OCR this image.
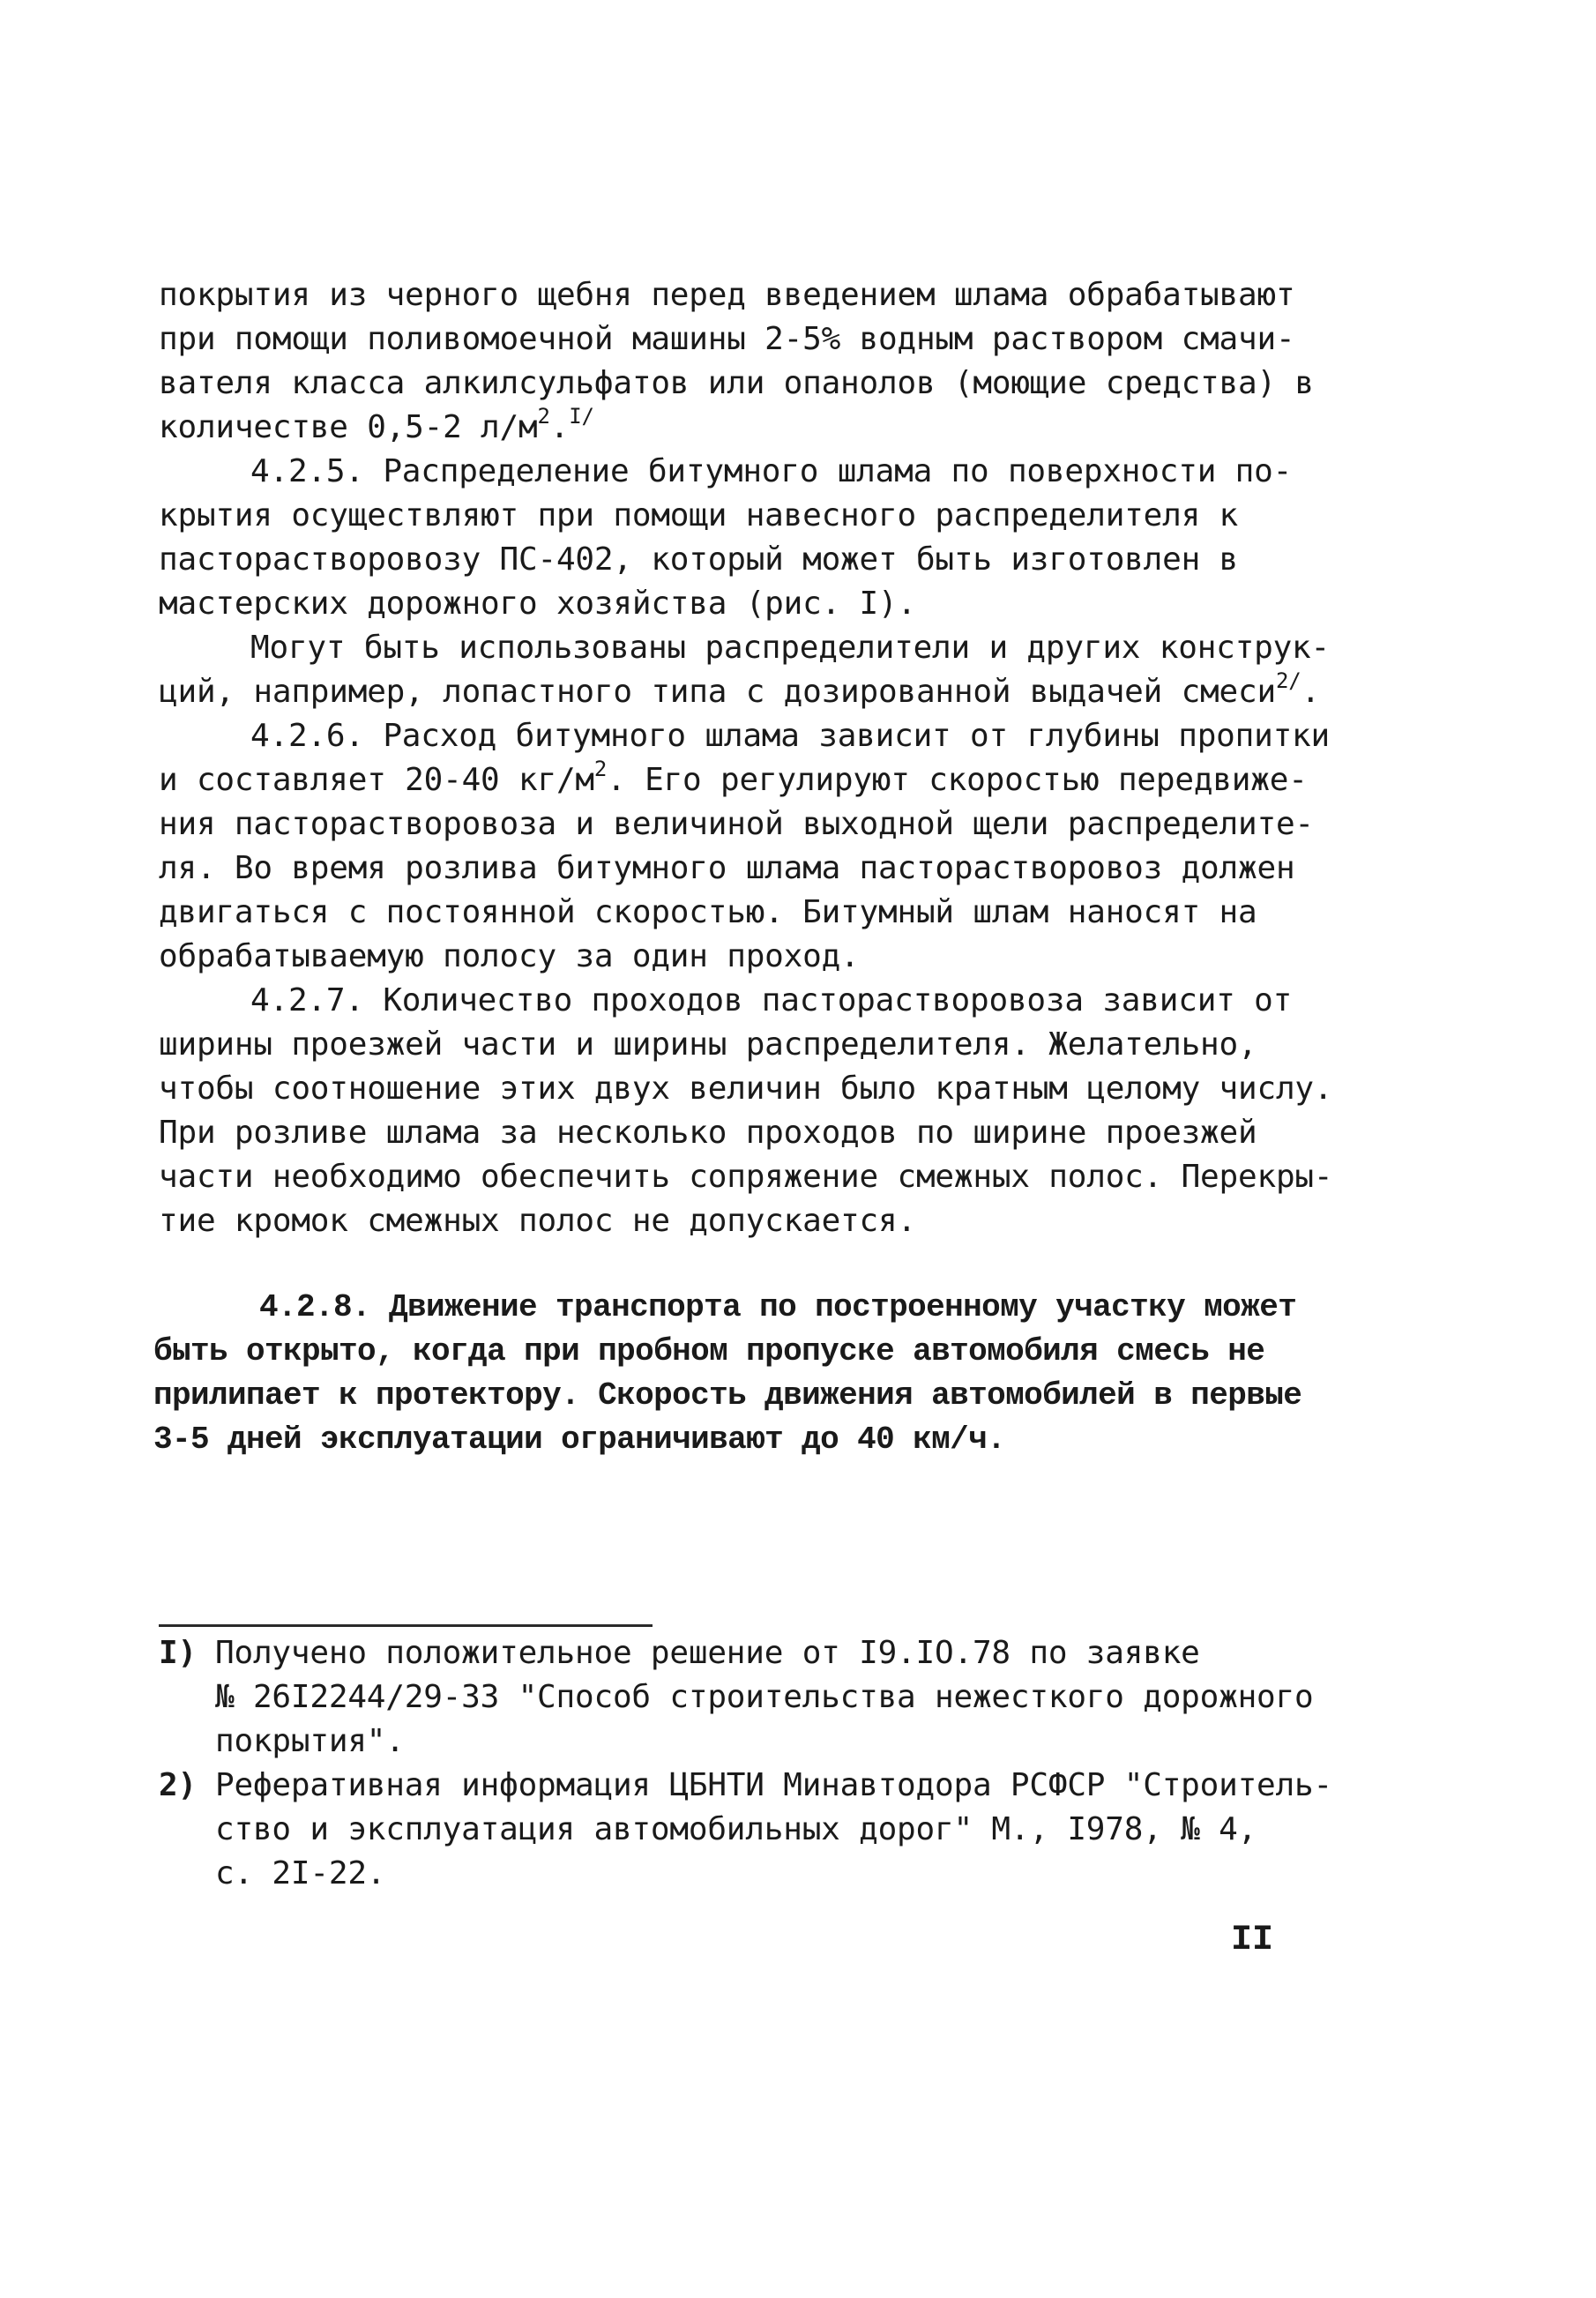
покрытия из черного щебня перед введением шлама обрабатывают
при помощи поливомоечной машины 2-5% водным раствором смачи-
вателя класса алкилсульфатов или опанолов (моющие средства) в
количестве 0,5-2 $л/м^2.^{I/}$
4.2.5. Распределение битумного шлама по поверхности по-
крытия осуществляют при помощи навесного распределителя к
пасторастворовозу ПС-402, который может быть изготовлен в
мастерских дорожного хозяйства (рис. I).
Могут быть использованы распределители и других конструк-
ций, например, лопастного типа с дозированной выдачей смеси$^{2/}$.
4.2.6. Расход битумного шлама зависит от глубины пропитки
и составляет 20-40 $кг/м^2$. Его регулируют скоростью передвиже-
ния пасторастворовоза и величиной выходной щели распределите-
ля. Во время розлива битумного шлама пасторастворовоз должен
двигаться с постоянной скоростью. Битумный шлам наносят на
обрабатываемую полосу за один проход.
4.2.7. Количество проходов пасторастворовоза зависит от
ширины проезжей части и ширины распределителя. Желательно,
чтобы соотношение этих двух величин было кратным целому числу.
При розливе шлама за несколько проходов по ширине проезжей
части необходимо обеспечить сопряжение смежных полос. Перекры-
тие кромок смежных полос не допускается.
4.2.8. Движение транспорта по построенному участку может
быть открыто, когда при пробном пропуске автомобиля смесь не
прилипает к протектору. Скорость движения автомобилей в первые
3-5 дней эксплуатации ограничивают до 40 км/ч.
I) Получено положительное решение от I9.IO.78 по заявке
№ 26I2244/29-33 "Способ строительства нежесткого дорожного
покрытия".
2) Реферативная информация ЦБНТИ Минавтодора РСФСР "Строитель-
ство и эксплуатация автомобильных дорог" М., I978, № 4,
с. 2I-22.
II
